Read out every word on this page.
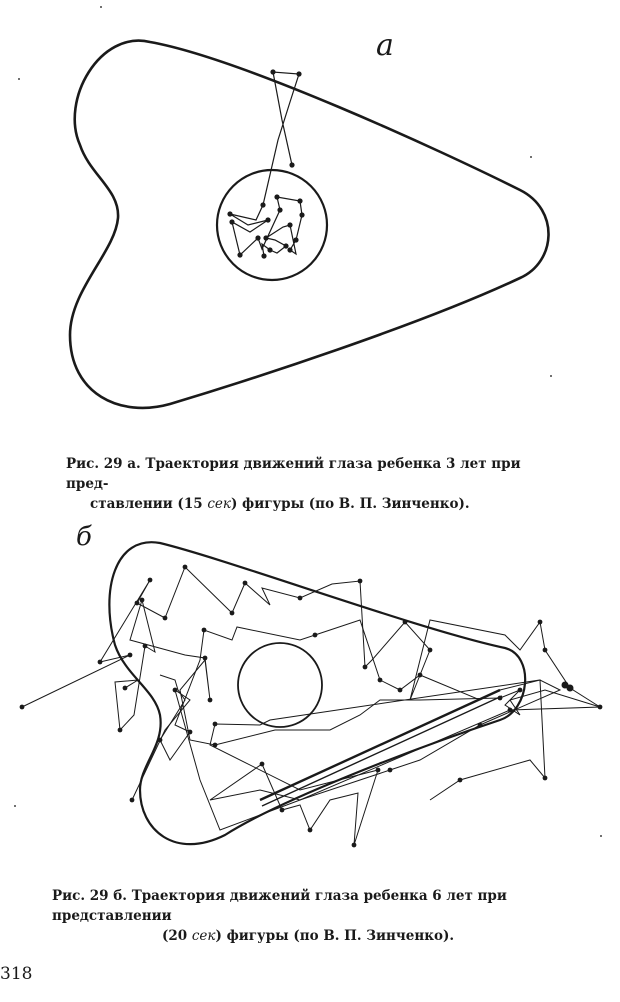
а
б
Рис. 29 а. Траектория движений глаза ребенка 3 лет при пред-
ставлении (15 сек) фигуры (по В. П. Зинченко).
Рис. 29 б. Траектория движений глаза ребенка 6 лет при представлении
(20 сек) фигуры (по В. П. Зинченко).
318
